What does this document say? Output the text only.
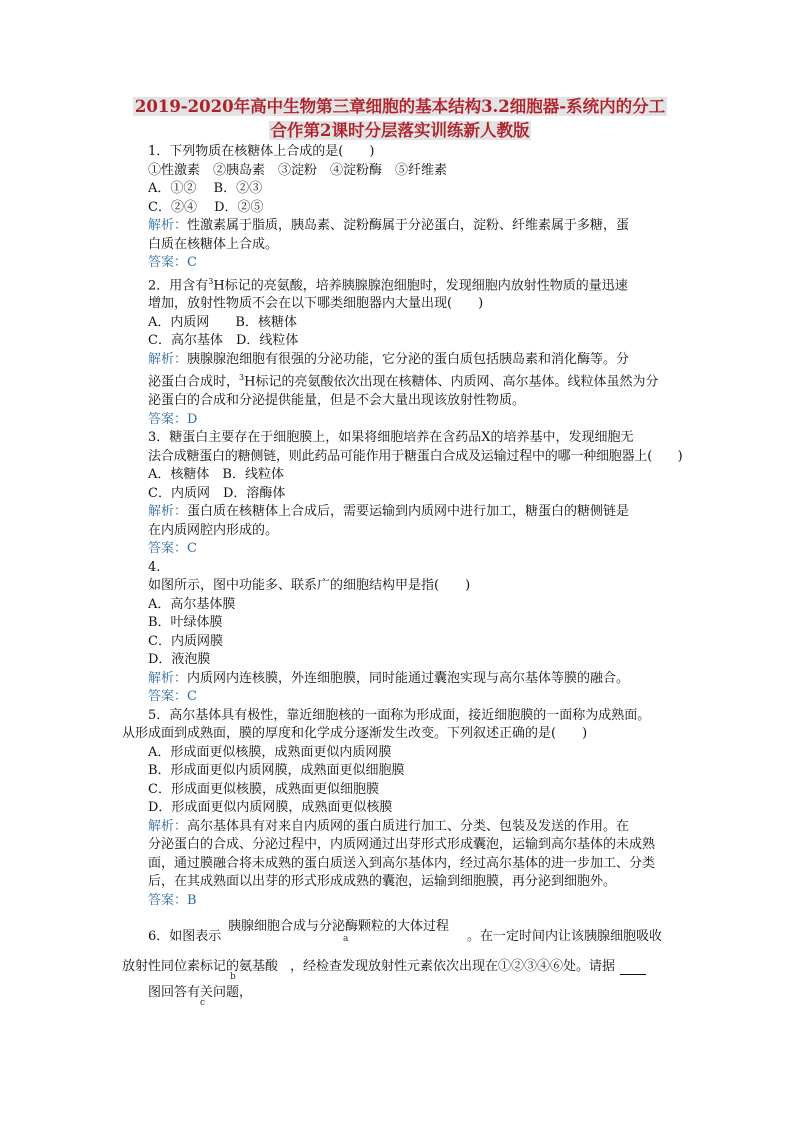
2019-2020年高中生物第三章细胞的基本结构3.2细胞器-系统内的分工
合作第2课时分层落实训练新人教版

1．下列物质在核糖体上合成的是(　　)

①性激素　②胰岛素　③淀粉　④淀粉酶　⑤纤维素

A．①②　 B．②③

C．②④　 D．②⑤

解析：性激素属于脂质，胰岛素、淀粉酶属于分泌蛋白，淀粉、纤维素属于多糖，蛋

白质在核糖体上合成。

答案：C

2．用含有$^3$H标记的亮氨酸，培养胰腺腺泡细胞时，发现细胞内放射性物质的量迅速

增加，放射性物质不会在以下哪类细胞器内大量出现(　　)

A．内质网　　B．核糖体

C．高尔基体　D．线粒体

解析：胰腺腺泡细胞有很强的分泌功能，它分泌的蛋白质包括胰岛素和消化酶等。分

泌蛋白合成时，$^3$H标记的亮氨酸依次出现在核糖体、内质网、高尔基体。线粒体虽然为分

泌蛋白的合成和分泌提供能量，但是不会大量出现该放射性物质。

答案：D

3．糖蛋白主要存在于细胞膜上，如果将细胞培养在含药品X的培养基中，发现细胞无

法合成糖蛋白的糖侧链，则此药品可能作用于糖蛋白合成及运输过程中的哪一种细胞器上(　　)

A．核糖体　B．线粒体

C．内质网　D．溶酶体

解析：蛋白质在核糖体上合成后，需要运输到内质网中进行加工，糖蛋白的糖侧链是

在内质网腔内形成的。

答案：C

4.

如图所示，图中功能多、联系广的细胞结构甲是指(　　)

A．高尔基体膜

B．叶绿体膜

C．内质网膜

D．液泡膜

解析：内质网内连核膜，外连细胞膜，同时能通过囊泡实现与高尔基体等膜的融合。

答案：C

5．高尔基体具有极性，靠近细胞核的一面称为形成面，接近细胞膜的一面称为成熟面。

从形成面到成熟面，膜的厚度和化学成分逐渐发生改变。下列叙述正确的是(　　)

A．形成面更似核膜，成熟面更似内质网膜

B．形成面更似内质网膜，成熟面更似细胞膜

C．形成面更似核膜，成熟面更似细胞膜

D．形成面更似内质网膜，成熟面更似核膜

解析：高尔基体具有对来自内质网的蛋白质进行加工、分类、包装及发送的作用。在

分泌蛋白的合成、分泌过程中，内质网通过出芽形式形成囊泡，运输到高尔基体的未成熟

面，通过膜融合将未成熟的蛋白质送入到高尔基体内，经过高尔基体的进一步加工、分类

后，在其成熟面以出芽的形式形成成熟的囊泡，运输到细胞膜，再分泌到细胞外。

答案：B

6．如图表示
胰腺细胞合成与分泌酶颗粒的大体过程
a	。在一定时间内让该胰腺细胞吸收
放射性同位素标记的氨基酸
b
，经检查发现放射性元素依次出现在①②③④⑥处。请据
图回答有关问题，
c
